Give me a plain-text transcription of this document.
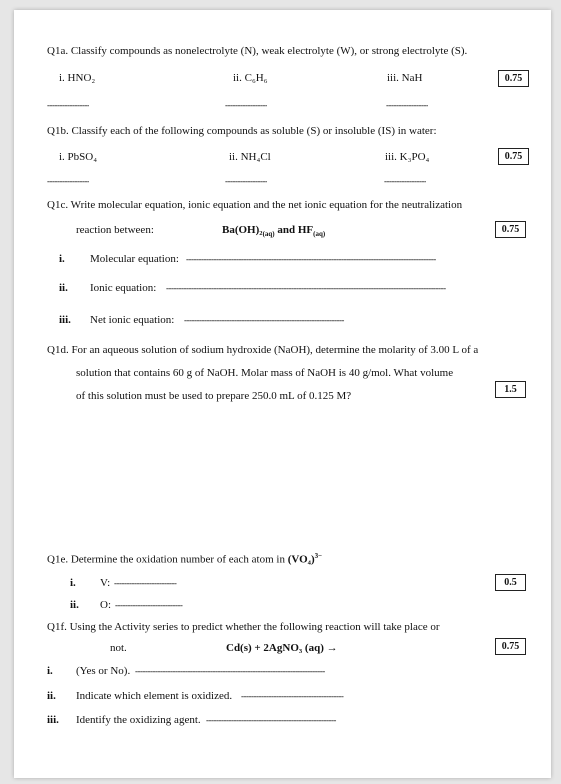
Q1a. Classify compounds as nonelectrolyte (N), weak electrolyte (W), or strong electrolyte (S).
i. HNO₂	ii. C₆H₆	iii. NaH	0.75
-----------------	-----------------	-----------------
Q1b. Classify each of the following compounds as soluble (S) or insoluble (IS) in water:
i. PbSO₄	ii. NH₄Cl	iii. K₃PO₄	0.75
-----------------	-----------------	-----------------
Q1c. Write molecular equation, ionic equation and the net ionic equation for the neutralization
reaction between:	$Ba(OH)_2_{(aq)}$ and $HF_{(aq)}$	0.75
i. Molecular equation: ----------------------------------------------------------------------------------------------------
ii. Ionic equation: ----------------------------------------------------------------------------------------------------------------
iii. Net ionic equation: ----------------------------------------------------------------
Q1d. For an aqueous solution of sodium hydroxide (NaOH), determine the molarity of 3.00 L of a
solution that contains 60 g of NaOH. Molar mass of NaOH is 40 g/mol. What volume
of this solution must be used to prepare 250.0 mL of 0.125 M?
1.5
Q1e. Determine the oxidation number of each atom in $(VO_4)^{3-}$
i. V: -------------------------	0.5
ii. O: ---------------------------
Q1f. Using the Activity series to predict whether the following reaction will take place or
not.	Cd(s) + 2AgNO₃ (aq) →	0.75
i. (Yes or No). ----------------------------------------------------------------------------
ii. Indicate which element is oxidized. -----------------------------------------
iii. Identify the oxidizing agent. ----------------------------------------------------
